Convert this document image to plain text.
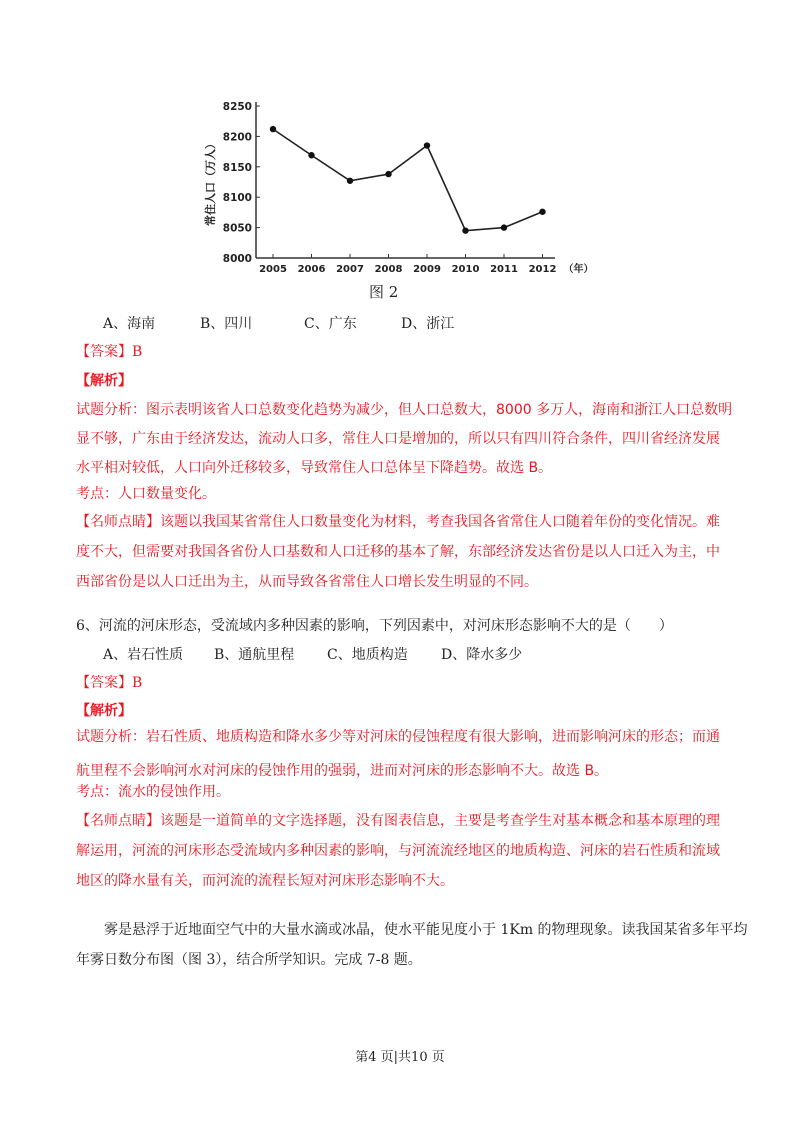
8000
8050
8100
8150
8200
8250
2005 2006 2007 2008 2009 2010 2011 2012
常住人口（万人）
（年）
图 2
A、海南	B、四川	C、广东	D、浙江
【答案】B
【解析】
试题分析：图示表明该省人口总数变化趋势为减少，但人口总数大，8000 多万人，海南和浙江人口总数明
显不够，广东由于经济发达，流动人口多，常住人口是增加的，所以只有四川符合条件，四川省经济发展
水平相对较低，人口向外迁移较多，导致常住人口总体呈下降趋势。故选 B。
考点：人口数量变化。
【名师点睛】该题以我国某省常住人口数量变化为材料，考查我国各省常住人口随着年份的变化情况。难
度不大，但需要对我国各省份人口基数和人口迁移的基本了解，东部经济发达省份是以人口迁入为主，中
西部省份是以人口迁出为主，从而导致各省常住人口增长发生明显的不同。
6、河流的河床形态，受流域内多种因素的影响，下列因素中，对河床形态影响不大的是（　　）
A、岩石性质 B、通航里程 C、地质构造 D、降水多少
【答案】B
【解析】
试题分析：岩石性质、地质构造和降水多少等对河床的侵蚀程度有很大影响，进而影响河床的形态；而通
航里程不会影响河水对河床的侵蚀作用的强弱，进而对河床的形态影响不大。故选 B。
考点：流水的侵蚀作用。
【名师点睛】该题是一道简单的文字选择题，没有图表信息，主要是考查学生对基本概念和基本原理的理
解运用，河流的河床形态受流域内多种因素的影响，与河流流经地区的地质构造、河床的岩石性质和流域
地区的降水量有关，而河流的流程长短对河床形态影响不大。
雾是悬浮于近地面空气中的大量水滴或冰晶，使水平能见度小于 1Km 的物理现象。读我国某省多年平均
年雾日数分布图（图 3），结合所学知识。完成 7-8 题。
第4 页|共10 页
